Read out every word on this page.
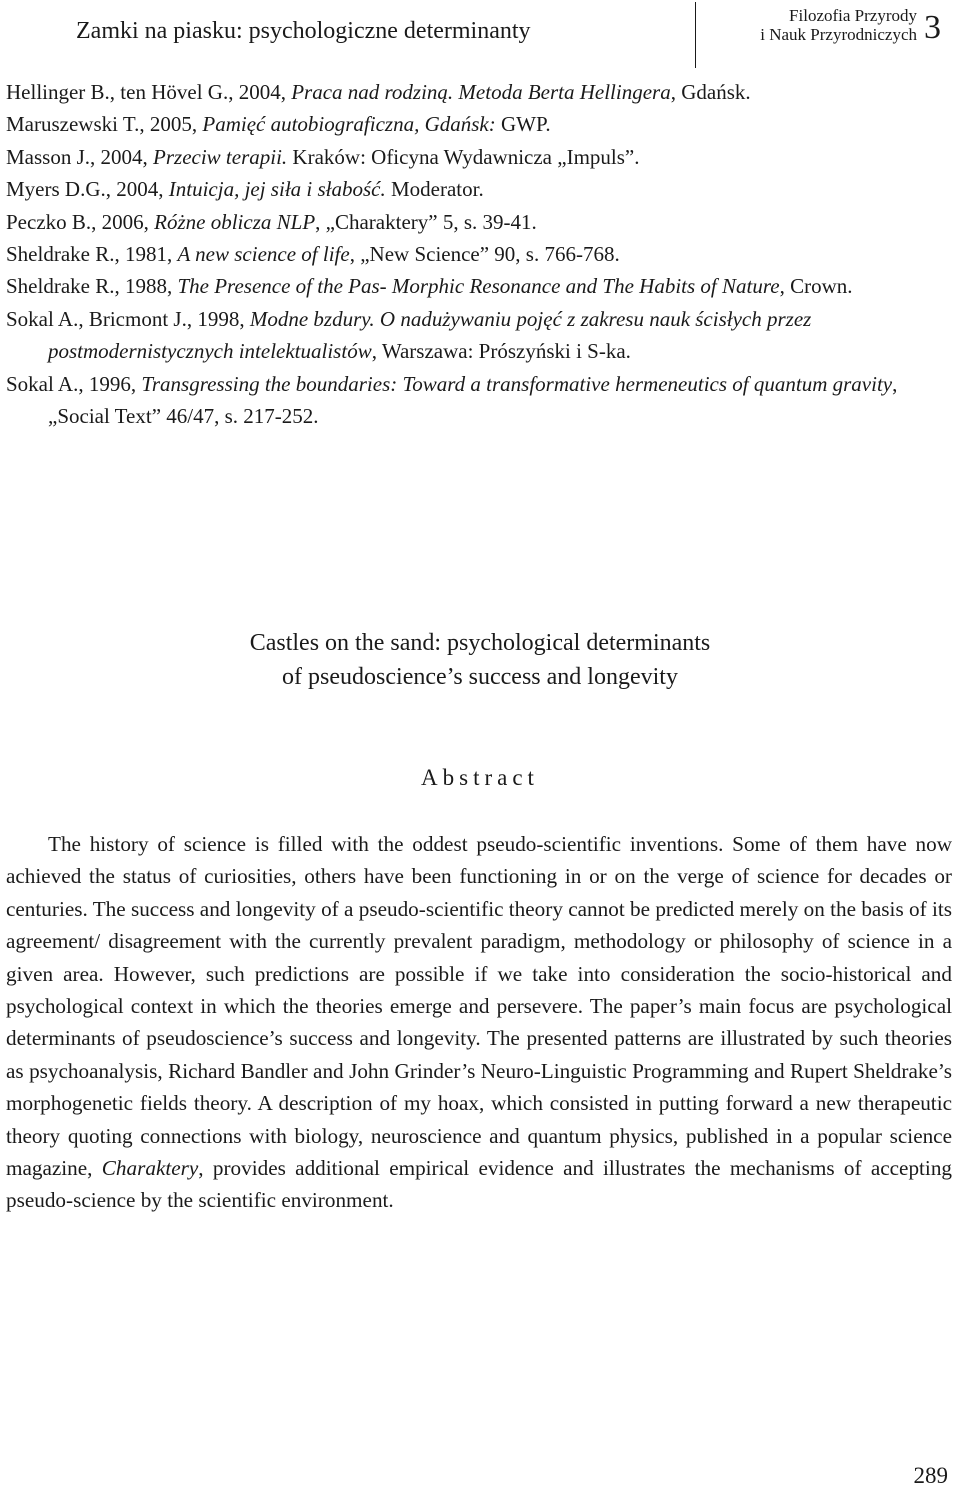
Zamki na piasku: psychologiczne determinanty
Filozofia Przyrody
i Nauk Przyrodniczych 3

Hellinger B., ten Hövel G., 2004, Praca nad rodziną. Metoda Berta Hellingera, Gdańsk.

Maruszewski T., 2005, Pamięć autobiograficzna, Gdańsk: GWP.

Masson J., 2004, Przeciw terapii. Kraków: Oficyna Wydawnicza „Impuls”.

Myers D.G., 2004, Intuicja, jej siła i słabość. Moderator.

Peczko B., 2006, Różne oblicza NLP, „Charaktery” 5, s. 39-41.

Sheldrake R., 1981, A new science of life, „New Science” 90, s. 766-768.

Sheldrake R., 1988, The Presence of the Pas- Morphic Resonance and The Habits of Nature, Crown.

Sokal A., Bricmont J., 1998, Modne bzdury. O nadużywaniu pojęć z zakresu nauk ścisłych przez postmodernistycznych intelektualistów, Warszawa: Prószyński i S-ka.

Sokal A., 1996, Transgressing the boundaries: Toward a transformative hermeneutics of quantum gravity, „Social Text” 46/47, s. 217-252.

Castles on the sand: psychological determinants
of pseudoscience’s success and longevity
Abstract
The history of science is filled with the oddest pseudo-scientific inventions. Some of them have now achieved the status of curiosities, others have been functioning in or on the verge of science for decades or centuries. The success and longevity of a pseudo-scientific theory cannot be predicted merely on the basis of its agreement/ disagreement with the currently prevalent paradigm, methodology or philosophy of science in a given area. However, such predictions are possible if we take into consideration the socio-historical and psychological context in which the theories emerge and persevere. The paper’s main focus are psychological determinants of pseudoscience’s success and longevity. The presented patterns are illustrated by such theories as psychoanalysis, Richard Bandler and John Grinder’s Neuro-Linguistic Programming and Rupert Sheldrake’s morphogenetic fields theory. A description of my hoax, which consisted in putting forward a new therapeutic theory quoting connections with biology, neuroscience and quantum physics, published in a popular science magazine, Charaktery, provides additional empirical evidence and illustrates the mechanisms of accepting pseudo-science by the scientific environment.
289
